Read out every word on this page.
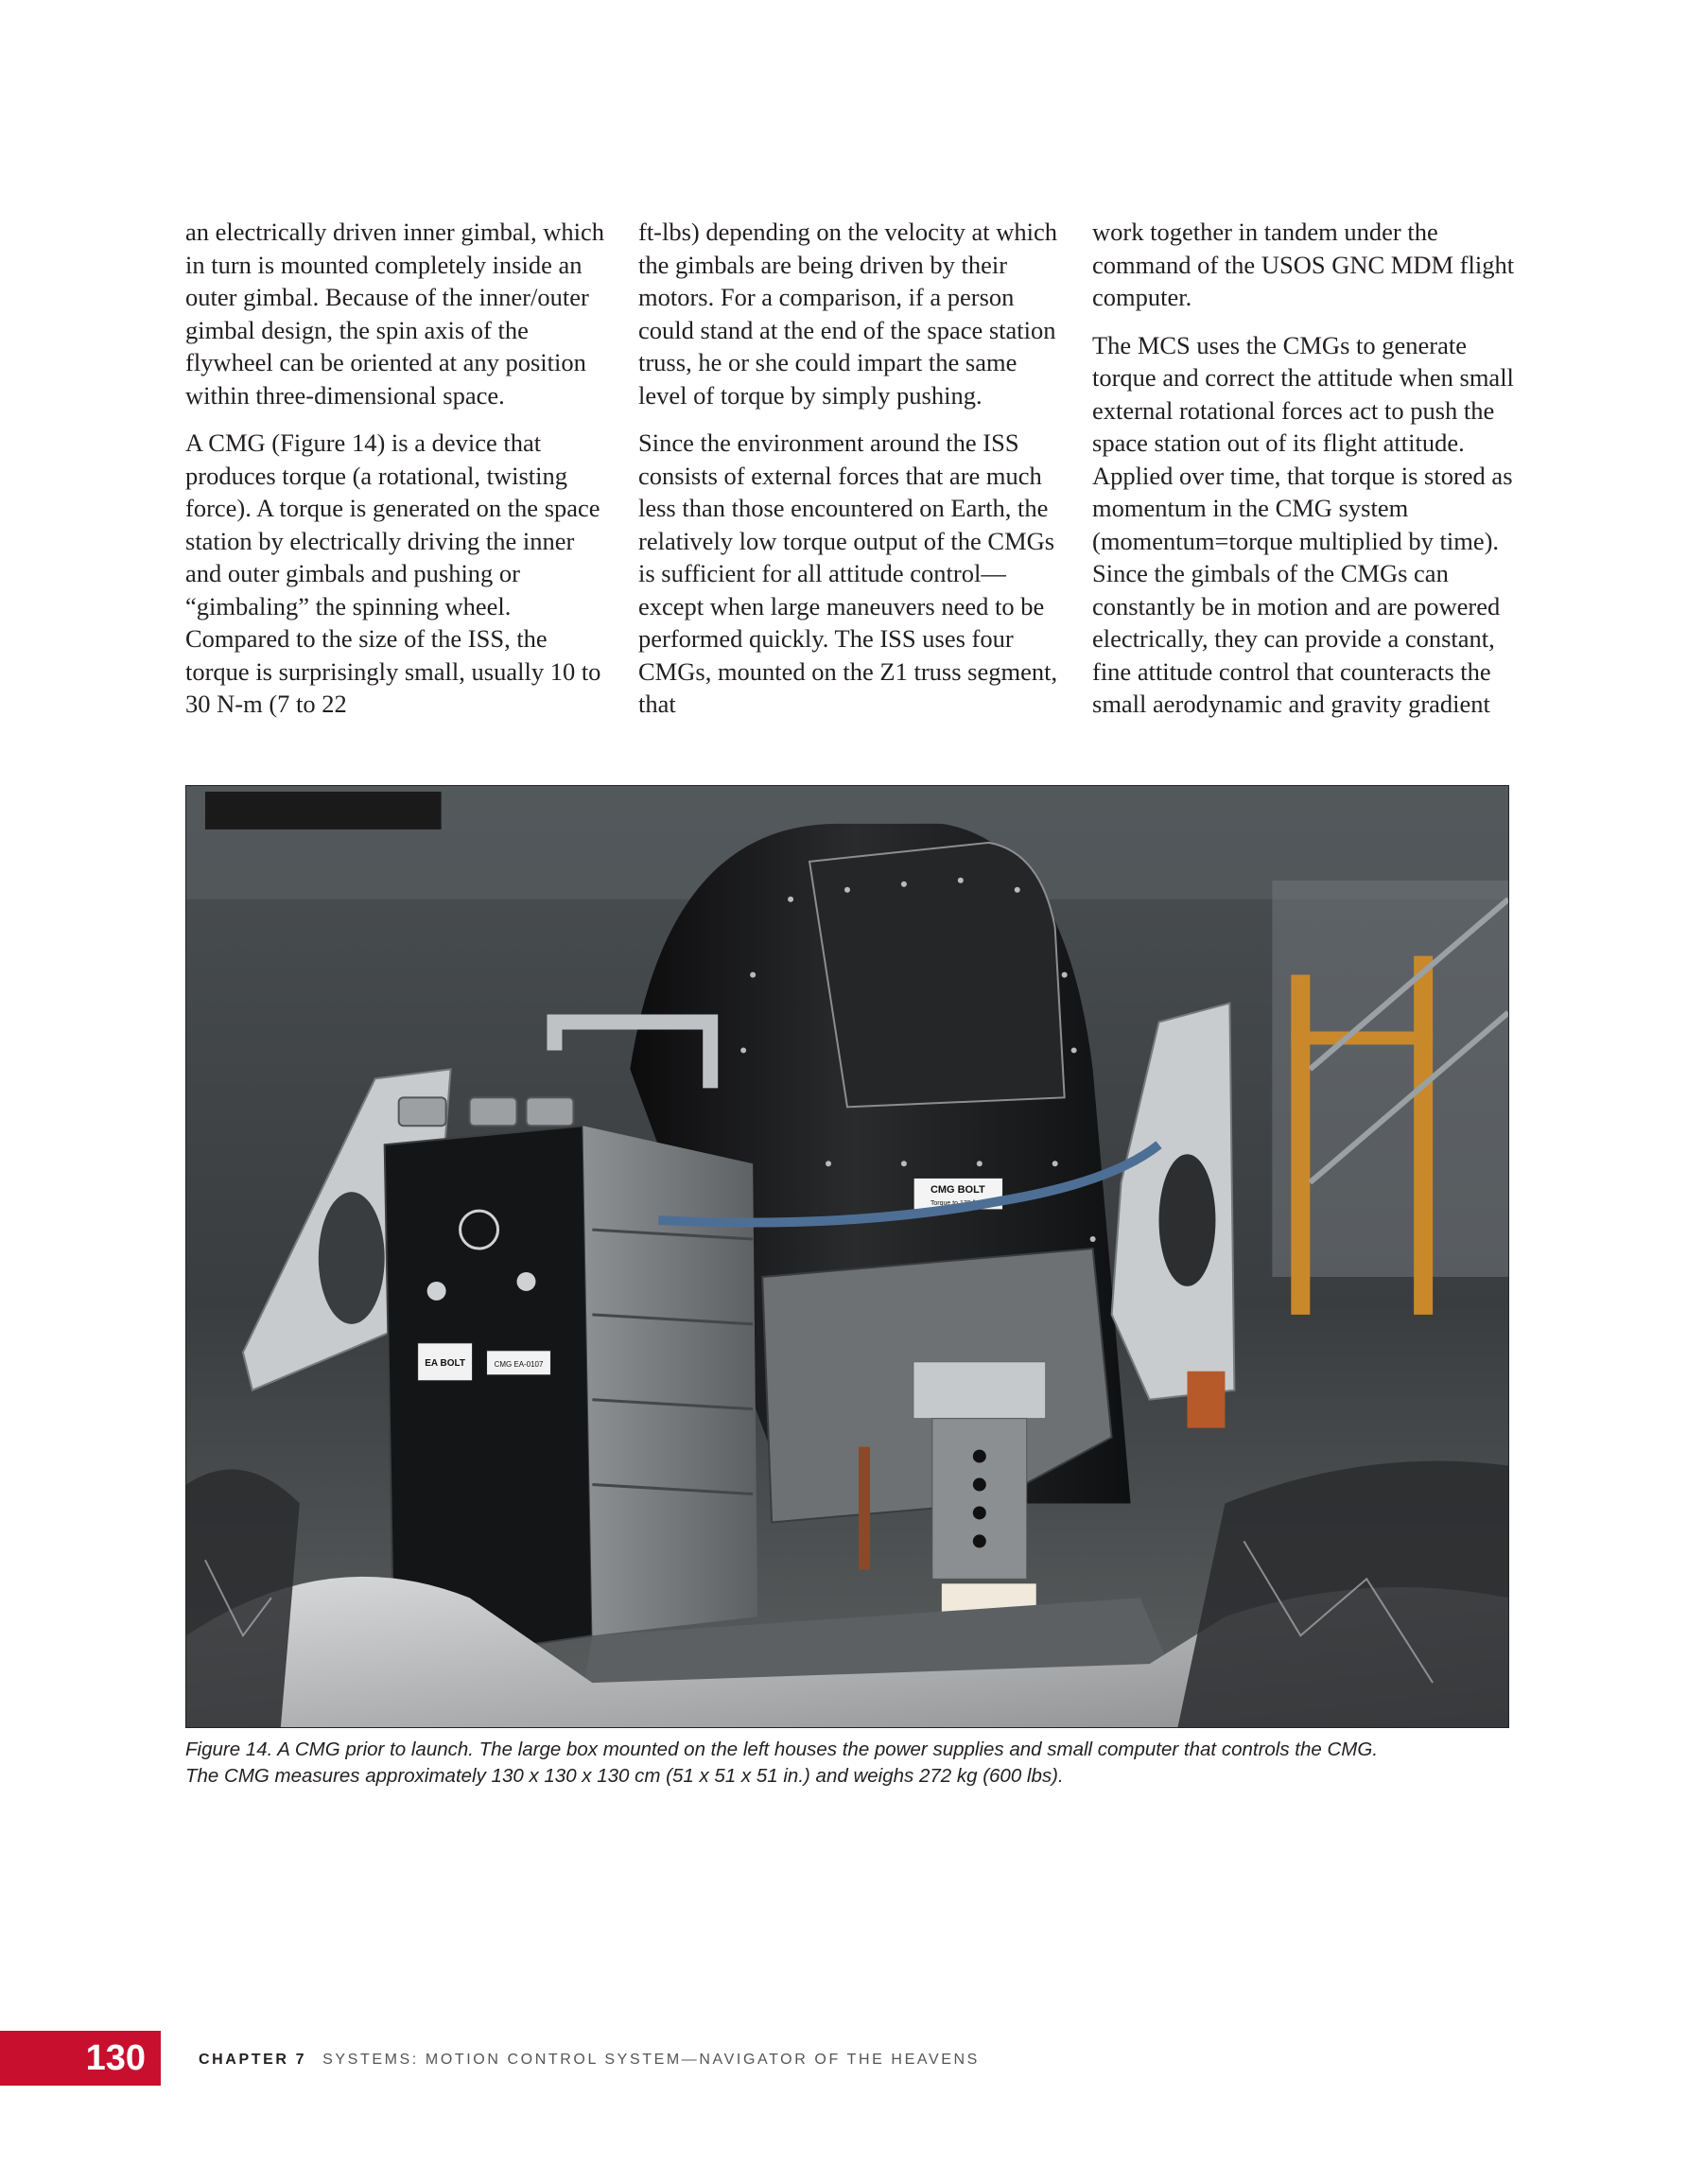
an electrically driven inner gimbal, which in turn is mounted completely inside an outer gimbal. Because of the inner/outer gimbal design, the spin axis of the flywheel can be oriented at any position within three-dimensional space.

A CMG (Figure 14) is a device that produces torque (a rotational, twisting force). A torque is generated on the space station by electrically driving the inner and outer gimbals and pushing or “gimbaling” the spinning wheel. Compared to the size of the ISS, the torque is surprisingly small, usually 10 to 30 N-m (7 to 22

ft-lbs) depending on the velocity at which the gimbals are being driven by their motors. For a comparison, if a person could stand at the end of the space station truss, he or she could impart the same level of torque by simply pushing.

Since the environment around the ISS consists of external forces that are much less than those encountered on Earth, the relatively low torque output of the CMGs is sufficient for all attitude control—except when large maneuvers need to be performed quickly. The ISS uses four CMGs, mounted on the Z1 truss segment, that

work together in tandem under the command of the USOS GNC MDM flight computer.

The MCS uses the CMGs to generate torque and correct the attitude when small external rotational forces act to push the space station out of its flight attitude. Applied over time, that torque is stored as momentum in the CMG system (momentum=torque multiplied by time). Since the gimbals of the CMGs can constantly be in motion and are powered electrically, they can provide a constant, fine attitude control that counteracts the small aerodynamic and gravity gradient

CMG BOLT
Torque to 170 lb-in
EA BOLT	CMG EA-0107
Figure 14. A CMG prior to launch. The large box mounted on the left houses the power supplies and small computer that controls the CMG.
The CMG measures approximately 130 x 130 x 130 cm (51 x 51 x 51 in.) and weighs 272 kg (600 lbs).
130	CHAPTER 7 SYSTEMS: MOTION CONTROL SYSTEM—NAVIGATOR OF THE HEAVENS
